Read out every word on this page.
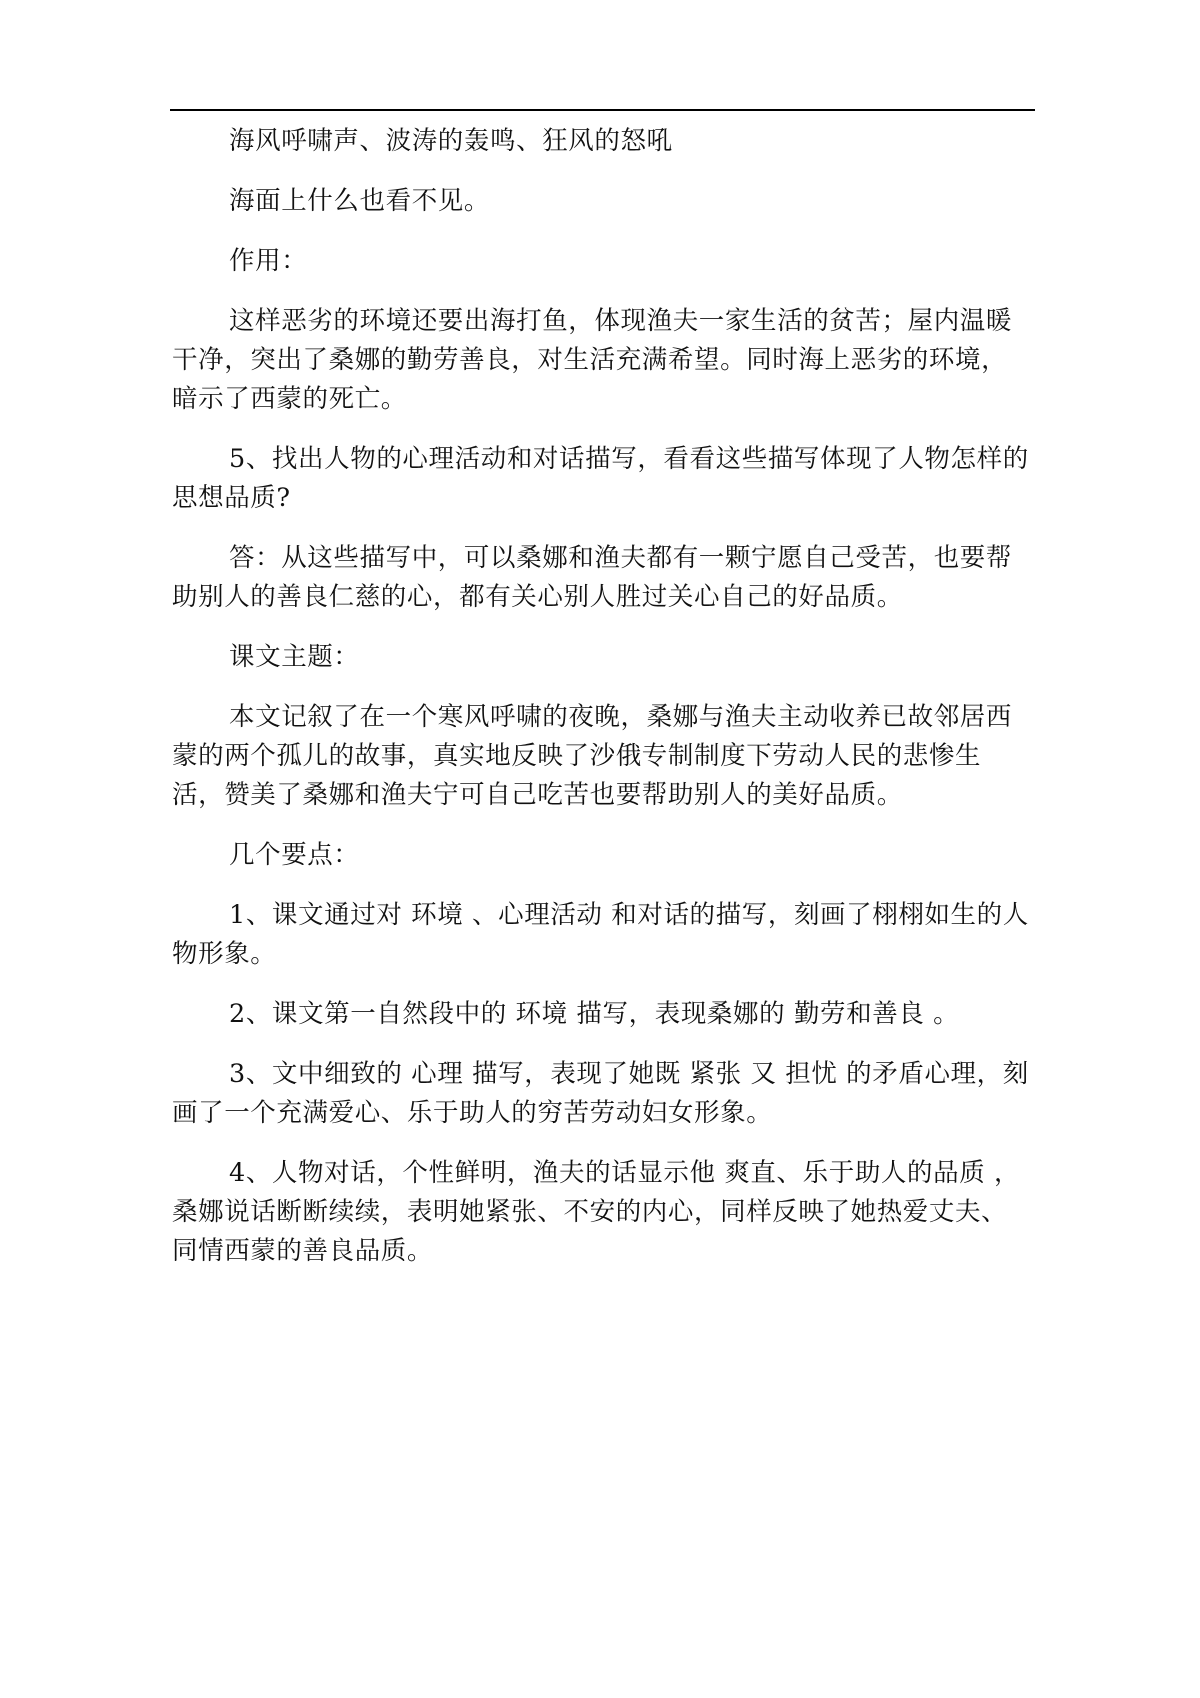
海风呼啸声、波涛的轰鸣、狂风的怒吼

海面上什么也看不见。

作用：

这样恶劣的环境还要出海打鱼，体现渔夫一家生活的贫苦；屋内温暖干净，突出了桑娜的勤劳善良，对生活充满希望。同时海上恶劣的环境，暗示了西蒙的死亡。

5、找出人物的心理活动和对话描写，看看这些描写体现了人物怎样的思想品质?

答：从这些描写中，可以桑娜和渔夫都有一颗宁愿自己受苦，也要帮助别人的善良仁慈的心，都有关心别人胜过关心自己的好品质。

课文主题：

本文记叙了在一个寒风呼啸的夜晚，桑娜与渔夫主动收养已故邻居西蒙的两个孤儿的故事，真实地反映了沙俄专制制度下劳动人民的悲惨生活，赞美了桑娜和渔夫宁可自己吃苦也要帮助别人的美好品质。

几个要点：

1、课文通过对 环境 、心理活动 和对话的描写，刻画了栩栩如生的人物形象。

2、课文第一自然段中的 环境 描写，表现桑娜的 勤劳和善良 。

3、文中细致的 心理 描写，表现了她既 紧张 又 担忧 的矛盾心理，刻画了一个充满爱心、乐于助人的穷苦劳动妇女形象。

4、人物对话，个性鲜明，渔夫的话显示他 爽直、乐于助人的品质 ，桑娜说话断断续续，表明她紧张、不安的内心，同样反映了她热爱丈夫、同情西蒙的善良品质。
